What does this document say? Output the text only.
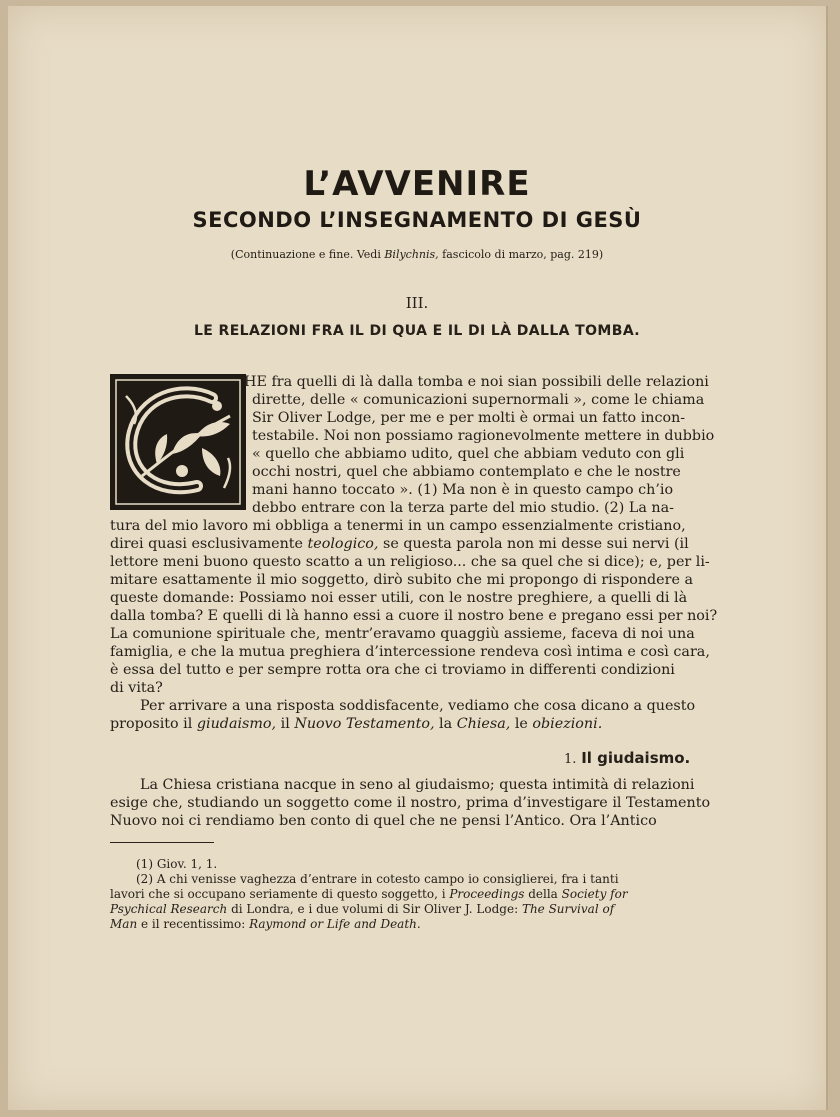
L’AVVENIRE
SECONDO L’INSEGNAMENTO DI GESÙ
(Continuazione e fine. Vedi Bilychnis, fascicolo di marzo, pag. 219)
III.
LE RELAZIONI FRA IL DI QUA E IL DI LÀ DALLA TOMBA.
HE fra quelli di là dalla tomba e noi sian possibili delle relazioni
dirette, delle « comunicazioni supernormali », come le chiama
Sir Oliver Lodge, per me e per molti è ormai un fatto incon-
testabile. Noi non possiamo ragionevolmente mettere in dubbio
« quello che abbiamo udito, quel che abbiam veduto con gli
occhi nostri, quel che abbiamo contemplato e che le nostre
mani hanno toccato ». (1) Ma non è in questo campo ch’io
debbo entrare con la terza parte del mio studio. (2) La na-
tura del mio lavoro mi obbliga a tenermi in un campo essenzialmente cristiano,
direi quasi esclusivamente teologico, se questa parola non mi desse sui nervi (il
lettore meni buono questo scatto a un religioso... che sa quel che si dice); e, per li-
mitare esattamente il mio soggetto, dirò subito che mi propongo di rispondere a
queste domande: Possiamo noi esser utili, con le nostre preghiere, a quelli di là
dalla tomba? E quelli di là hanno essi a cuore il nostro bene e pregano essi per noi?
La comunione spirituale che, mentr’eravamo quaggiù assieme, faceva di noi una
famiglia, e che la mutua preghiera d’intercessione rendeva così intima e così cara,
è essa del tutto e per sempre rotta ora che ci troviamo in differenti condizioni
di vita?
Per arrivare a una risposta soddisfacente, vediamo che cosa dicano a questo
proposito il giudaismo, il Nuovo Testamento, la Chiesa, le obiezioni.
1. Il giudaismo.
La Chiesa cristiana nacque in seno al giudaismo; questa intimità di relazioni
esige che, studiando un soggetto come il nostro, prima d’investigare il Testamento
Nuovo noi ci rendiamo ben conto di quel che ne pensi l’Antico. Ora l’Antico
(1) Giov. 1, 1.
(2) A chi venisse vaghezza d’entrare in cotesto campo io consiglierei, fra i tanti
lavori che si occupano seriamente di questo soggetto, i Proceedings della Society for
Psychical Research di Londra, e i due volumi di Sir Oliver J. Lodge: The Survival of
Man e il recentissimo: Raymond or Life and Death.
